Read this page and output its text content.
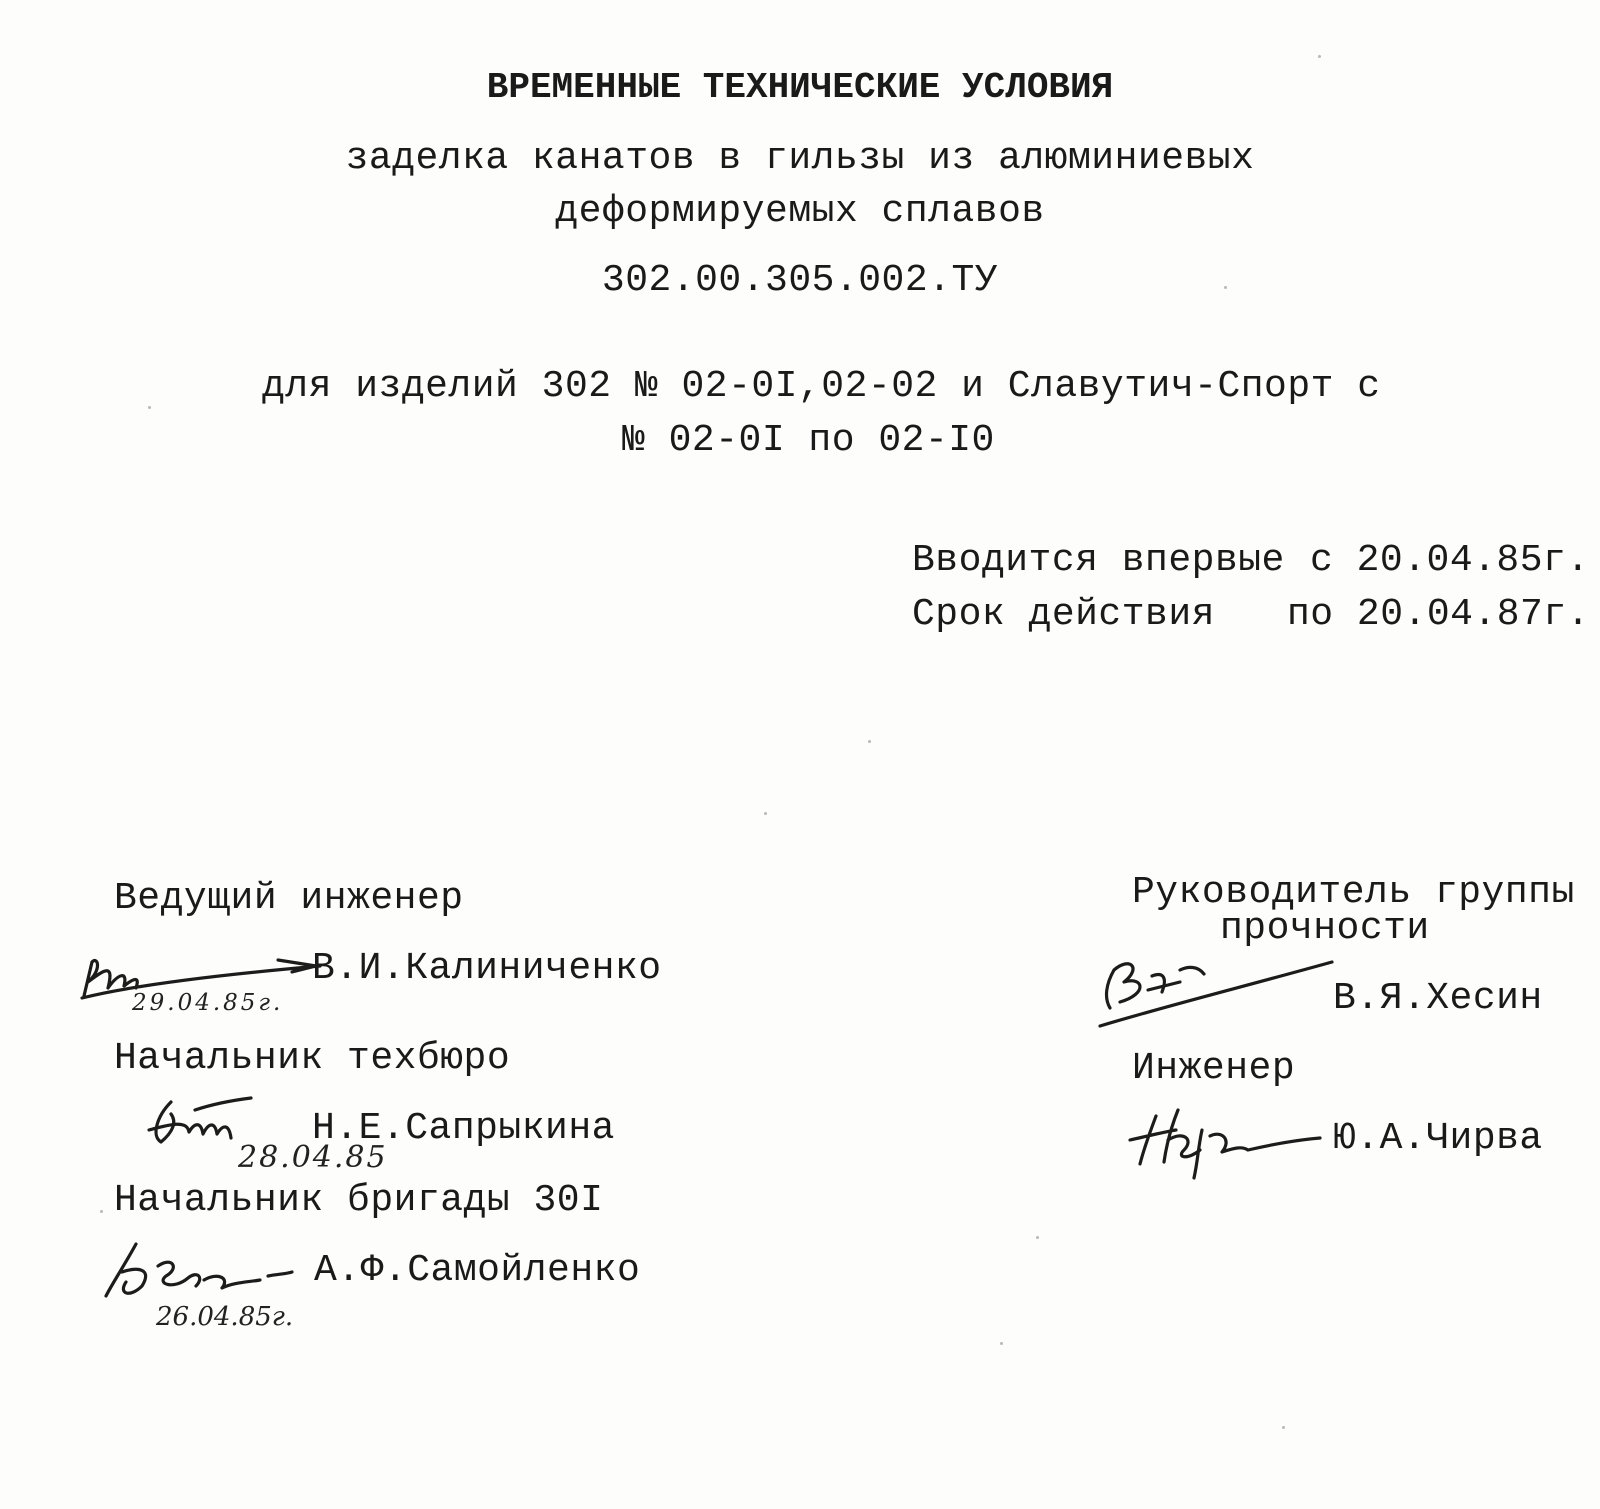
ВРЕМЕННЫЕ ТЕХНИЧЕСКИЕ УСЛОВИЯ
заделка канатов в гильзы из алюминиевых
деформируемых сплавов
302.00.305.002.ТУ
для изделий 302 № 02-0I,02-02 и Славутич-Спорт с
№ 02-0I по 02-I0
Вводится впервые с 20.04.85г.
Срок действия по 20.04.87г.
Ведущий инженер
В.И.Калиниченко
29.04.85г.
Начальник техбюро
Н.Е.Сапрыкина
28.04.85
Начальник бригады 30I
А.Ф.Самойленко
26.04.85г.
Руководитель группы
прочности
В.Я.Хесин
Инженер
Ю.А.Чирва
